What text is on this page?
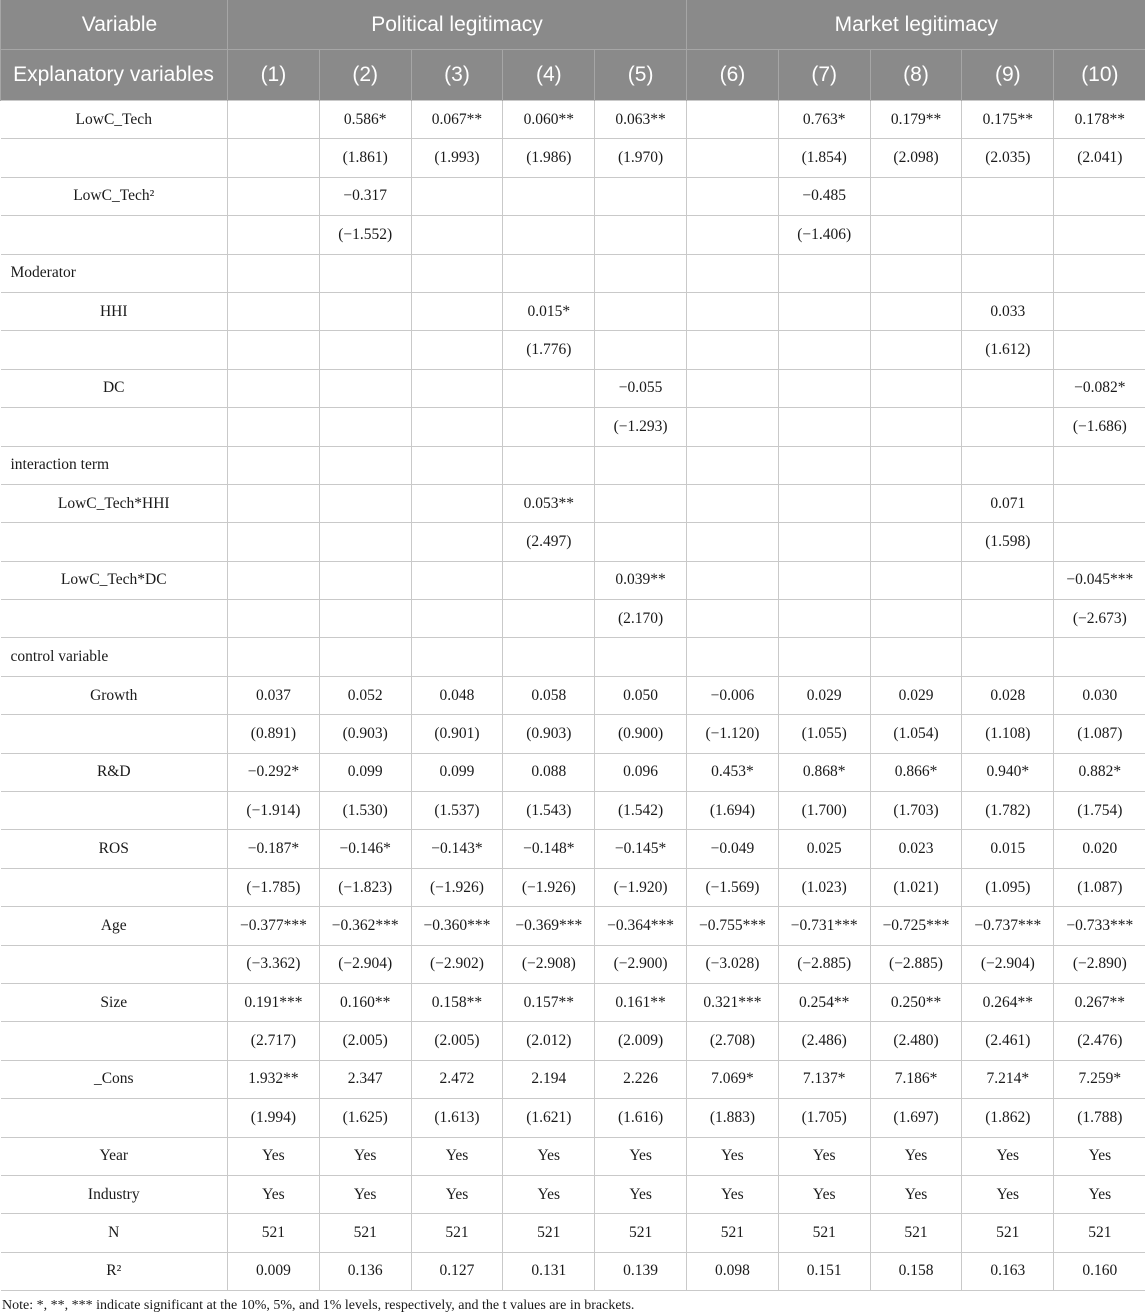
Variable	Political legitimacy					Market legitimacy				
Explanatory variables	(1)	(2)	(3)	(4)	(5)	(6)	(7)	(8)	(9)	(10)
LowC_Tech		0.586*	0.067**	0.060**	0.063**		0.763*	0.179**	0.175**	0.178**
		(1.861)	(1.993)	(1.986)	(1.970)		(1.854)	(2.098)	(2.035)	(2.041)
LowC_Tech²		−0.317					−0.485			
		(−1.552)					(−1.406)			
Moderator										
HHI				0.015*					0.033	
				(1.776)					(1.612)	
DC					−0.055					−0.082*
					(−1.293)					(−1.686)
interaction term										
LowC_Tech*HHI				0.053**					0.071	
				(2.497)					(1.598)	
LowC_Tech*DC					0.039**					−0.045***
					(2.170)					(−2.673)
control variable										
Growth	0.037	0.052	0.048	0.058	0.050	−0.006	0.029	0.029	0.028	0.030
	(0.891)	(0.903)	(0.901)	(0.903)	(0.900)	(−1.120)	(1.055)	(1.054)	(1.108)	(1.087)
R&D	−0.292*	0.099	0.099	0.088	0.096	0.453*	0.868*	0.866*	0.940*	0.882*
	(−1.914)	(1.530)	(1.537)	(1.543)	(1.542)	(1.694)	(1.700)	(1.703)	(1.782)	(1.754)
ROS	−0.187*	−0.146*	−0.143*	−0.148*	−0.145*	−0.049	0.025	0.023	0.015	0.020
	(−1.785)	(−1.823)	(−1.926)	(−1.926)	(−1.920)	(−1.569)	(1.023)	(1.021)	(1.095)	(1.087)
Age	−0.377***	−0.362***	−0.360***	−0.369***	−0.364***	−0.755***	−0.731***	−0.725***	−0.737***	−0.733***
	(−3.362)	(−2.904)	(−2.902)	(−2.908)	(−2.900)	(−3.028)	(−2.885)	(−2.885)	(−2.904)	(−2.890)
Size	0.191***	0.160**	0.158**	0.157**	0.161**	0.321***	0.254**	0.250**	0.264**	0.267**
	(2.717)	(2.005)	(2.005)	(2.012)	(2.009)	(2.708)	(2.486)	(2.480)	(2.461)	(2.476)
_Cons	1.932**	2.347	2.472	2.194	2.226	7.069*	7.137*	7.186*	7.214*	7.259*
	(1.994)	(1.625)	(1.613)	(1.621)	(1.616)	(1.883)	(1.705)	(1.697)	(1.862)	(1.788)
Year	Yes	Yes	Yes	Yes	Yes	Yes	Yes	Yes	Yes	Yes
Industry	Yes	Yes	Yes	Yes	Yes	Yes	Yes	Yes	Yes	Yes
N	521	521	521	521	521	521	521	521	521	521
R²	0.009	0.136	0.127	0.131	0.139	0.098	0.151	0.158	0.163	0.160
Note: *, **, *** indicate significant at the 10%, 5%, and 1% levels, respectively, and the t values are in brackets.
